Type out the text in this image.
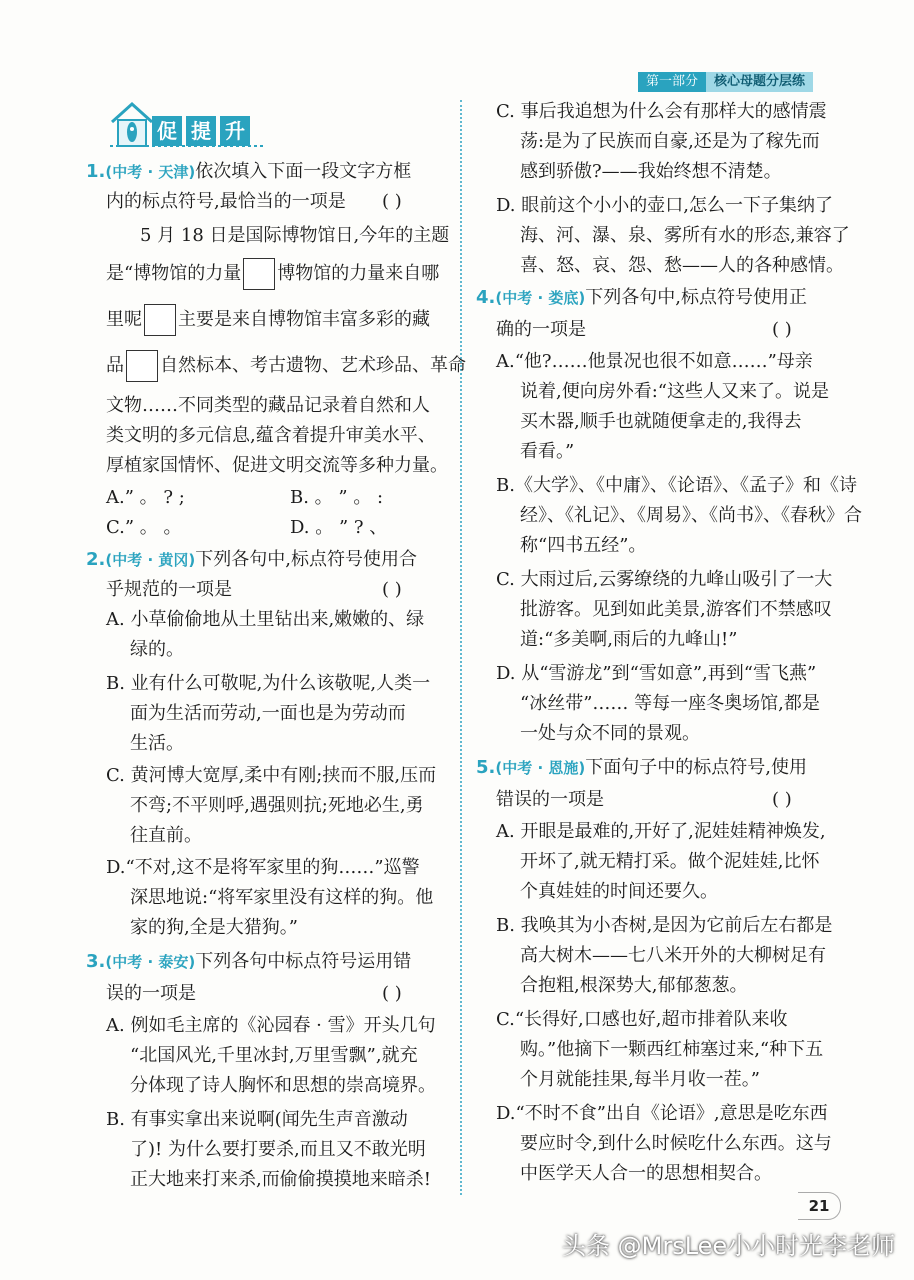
第一部分	核心母题分层练
促 提 升
1.(中考 · 天津)依次填入下面一段文字方框
内的标点符号,最恰当的一项是 ( )
5 月 18 日是国际博物馆日,今年的主题
是“博物馆的力量 博物馆的力量来自哪
里呢 主要是来自博物馆丰富多彩的藏
品 自然标本、考古遗物、艺术珍品、革命
文物……不同类型的藏品记录着自然和人
类文明的多元信息,蕴含着提升审美水平、
厚植家国情怀、促进文明交流等多种力量。
A.” 。 ? ;	B. 。 ” 。 :
C.” 。 。	D. 。 ” ? 、
2.(中考 · 黄冈)下列各句中,标点符号使用合
乎规范的一项是	( )
A. 小草偷偷地从土里钻出来,嫩嫩的、绿
绿的。
B. 业有什么可敬呢,为什么该敬呢,人类一
面为生活而劳动,一面也是为劳动而
生活。
C. 黄河博大宽厚,柔中有刚;挟而不服,压而
不弯;不平则呼,遇强则抗;死地必生,勇
往直前。
D.“不对,这不是将军家里的狗……”巡警
深思地说:“将军家里没有这样的狗。他
家的狗,全是大猎狗。”
3.(中考 · 泰安)下列各句中标点符号运用错
误的一项是	( )
A. 例如毛主席的《沁园春 · 雪》开头几句
“北国风光,千里冰封,万里雪飘”,就充
分体现了诗人胸怀和思想的崇高境界。
B. 有事实拿出来说啊(闻先生声音激动
了)! 为什么要打要杀,而且又不敢光明
正大地来打来杀,而偷偷摸摸地来暗杀!
C. 事后我追想为什么会有那样大的感情震
荡:是为了民族而自豪,还是为了稼先而
感到骄傲?——我始终想不清楚。
D. 眼前这个小小的壶口,怎么一下子集纳了
海、河、瀑、泉、雾所有水的形态,兼容了
喜、怒、哀、怨、愁——人的各种感情。
4.(中考 · 娄底)下列各句中,标点符号使用正
确的一项是	( )
A.“他?……他景况也很不如意……”母亲
说着,便向房外看:“这些人又来了。说是
买木器,顺手也就随便拿走的,我得去
看看。”
B.《大学》、《中庸》、《论语》、《孟子》和《诗
经》、《礼记》、《周易》、《尚书》、《春秋》合
称“四书五经”。
C. 大雨过后,云雾缭绕的九峰山吸引了一大
批游客。见到如此美景,游客们不禁感叹
道:“多美啊,雨后的九峰山!”
D. 从“雪游龙”到“雪如意”,再到“雪飞燕”
“冰丝带”…… 等每一座冬奥场馆,都是
一处与众不同的景观。
5.(中考 · 恩施)下面句子中的标点符号,使用
错误的一项是	( )
A. 开眼是最难的,开好了,泥娃娃精神焕发,
开坏了,就无精打采。做个泥娃娃,比怀
个真娃娃的时间还要久。
B. 我唤其为小杏树,是因为它前后左右都是
高大树木——七八米开外的大柳树足有
合抱粗,根深势大,郁郁葱葱。
C.“长得好,口感也好,超市排着队来收
购。”他摘下一颗西红柿塞过来,“种下五
个月就能挂果,每半月收一茬。”
D.“不时不食”出自《论语》,意思是吃东西
要应时令,到什么时候吃什么东西。这与
中医学天人合一的思想相契合。
21
头条 @MrsLee小小时光李老师
